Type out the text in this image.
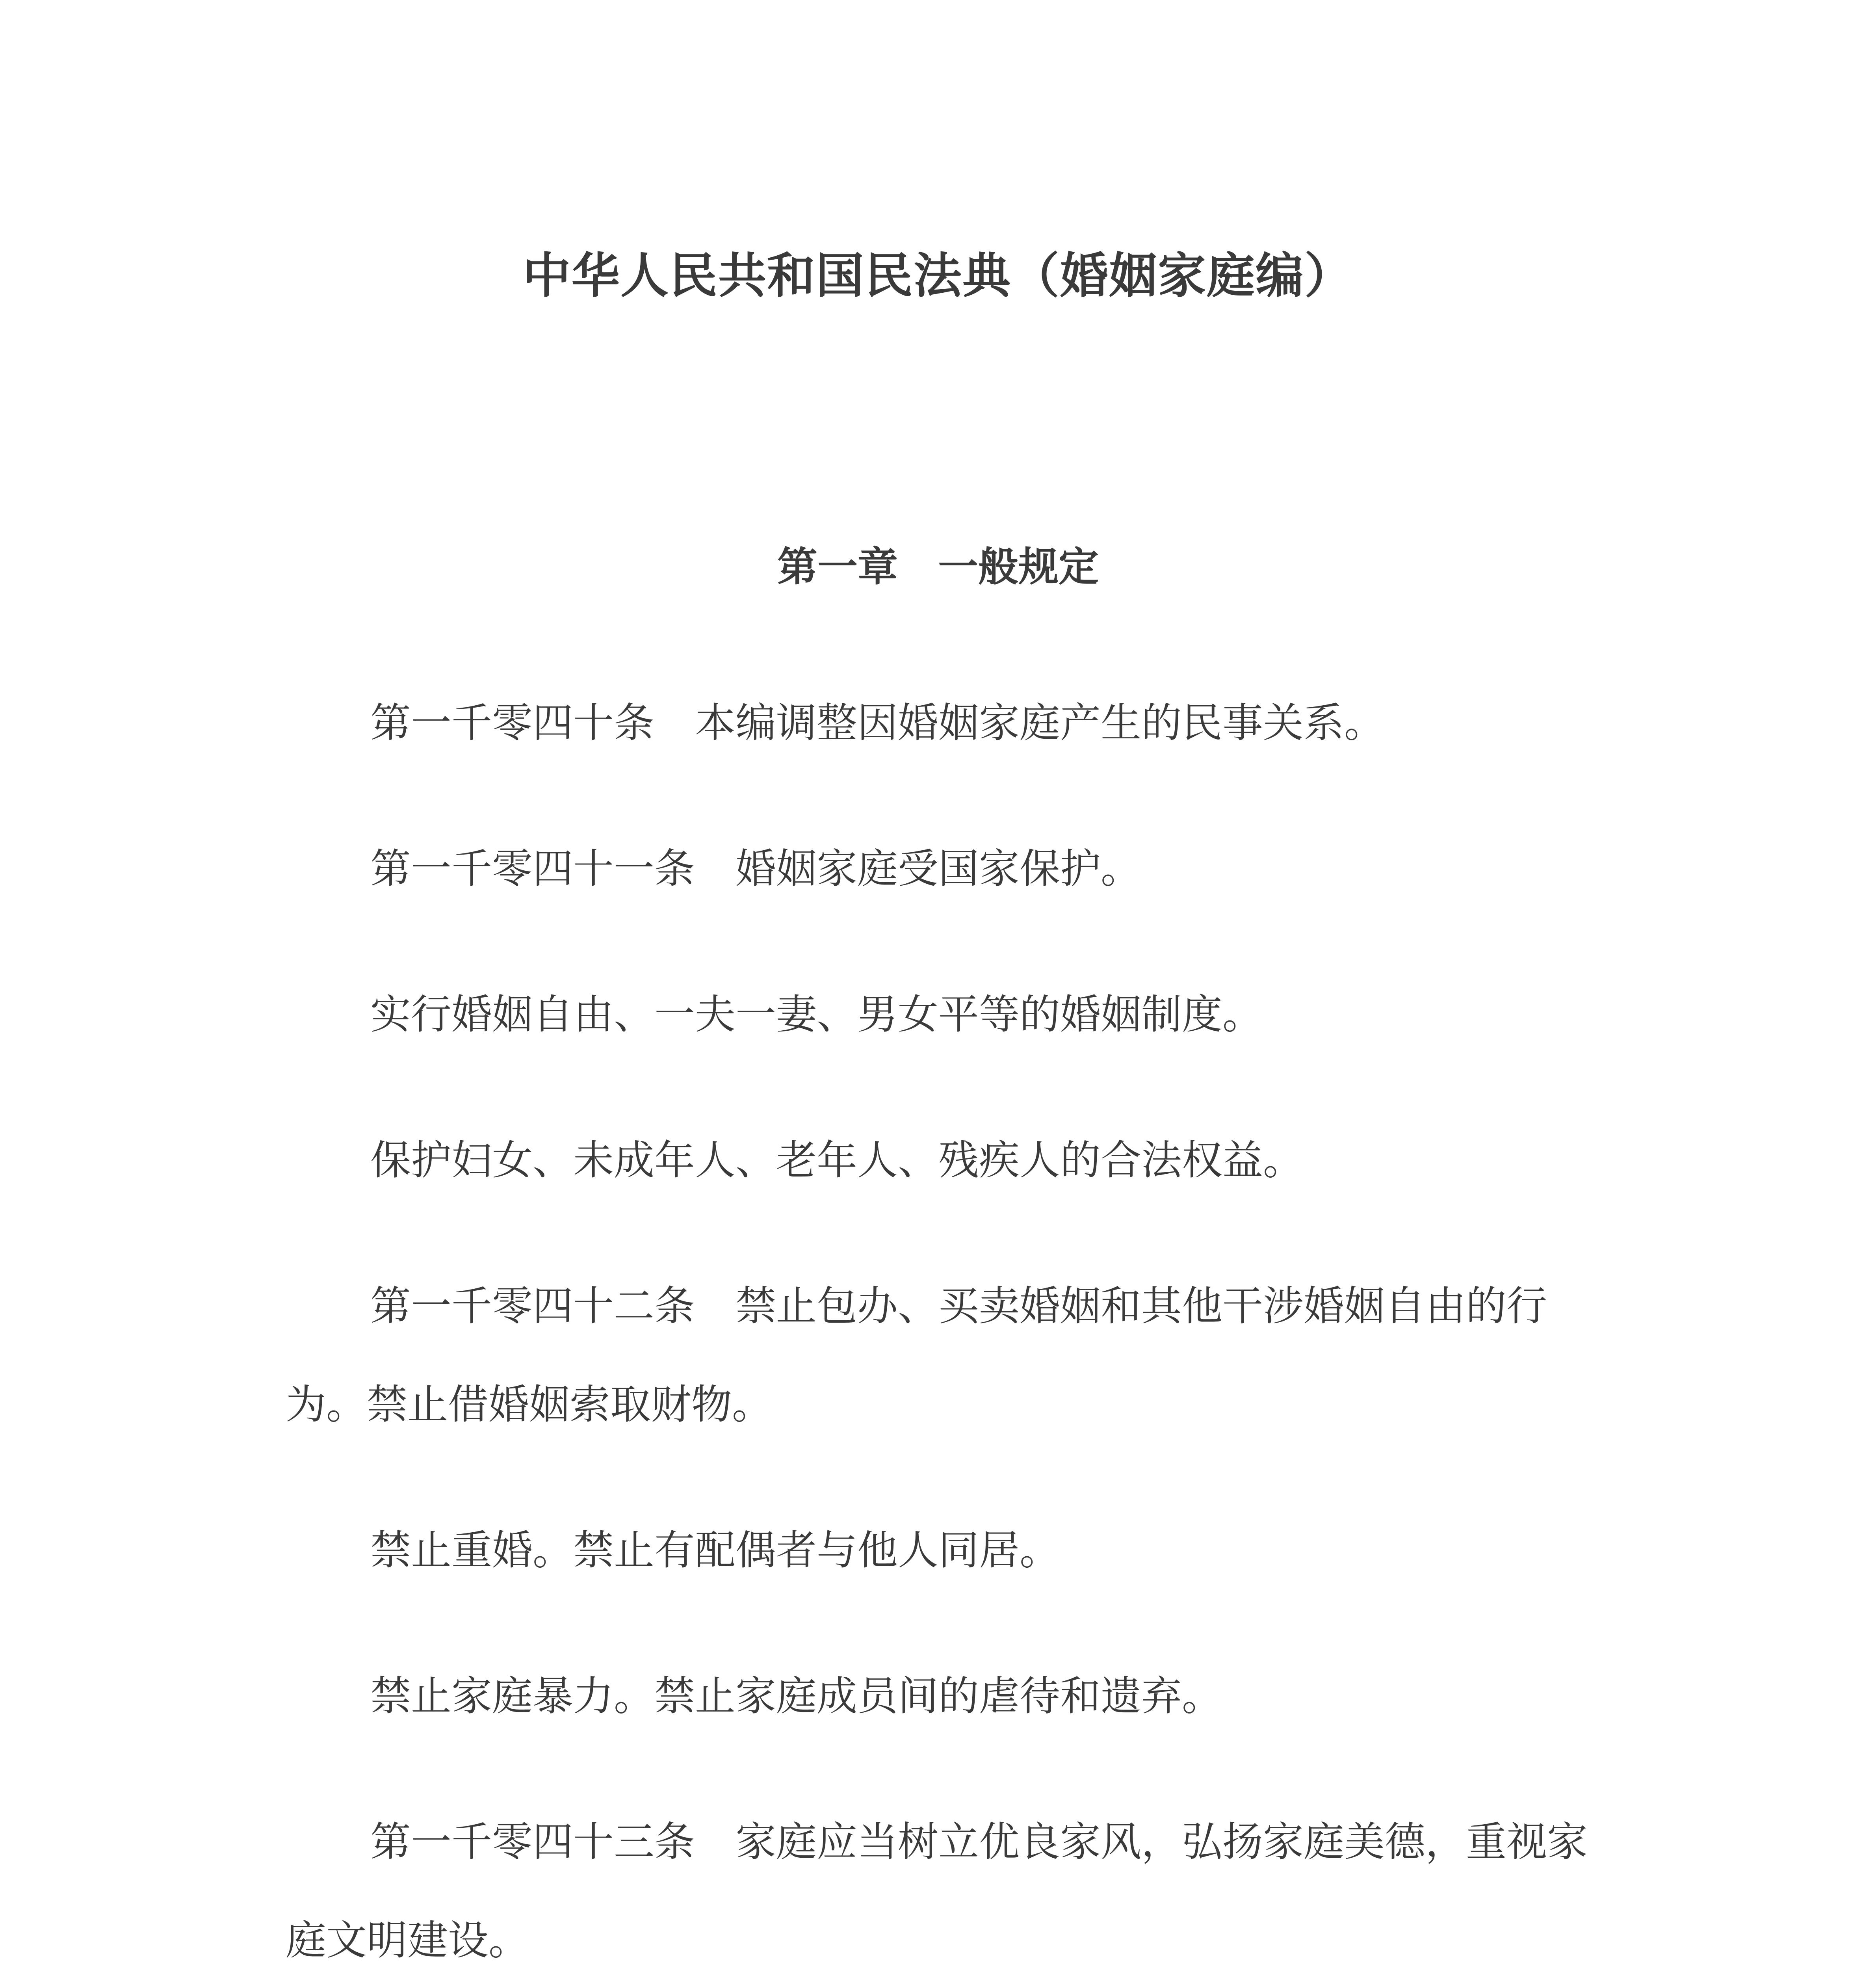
中华人民共和国民法典（婚姻家庭编）
第一章　一般规定

第一千零四十条　本编调整因婚姻家庭产生的民事关系。

第一千零四十一条　婚姻家庭受国家保护。

实行婚姻自由、一夫一妻、男女平等的婚姻制度。

保护妇女、未成年人、老年人、残疾人的合法权益。

第一千零四十二条　禁止包办、买卖婚姻和其他干涉婚姻自由的行为。禁止借婚姻索取财物。

禁止重婚。禁止有配偶者与他人同居。

禁止家庭暴力。禁止家庭成员间的虐待和遗弃。

第一千零四十三条　家庭应当树立优良家风，弘扬家庭美德，重视家庭文明建设。
